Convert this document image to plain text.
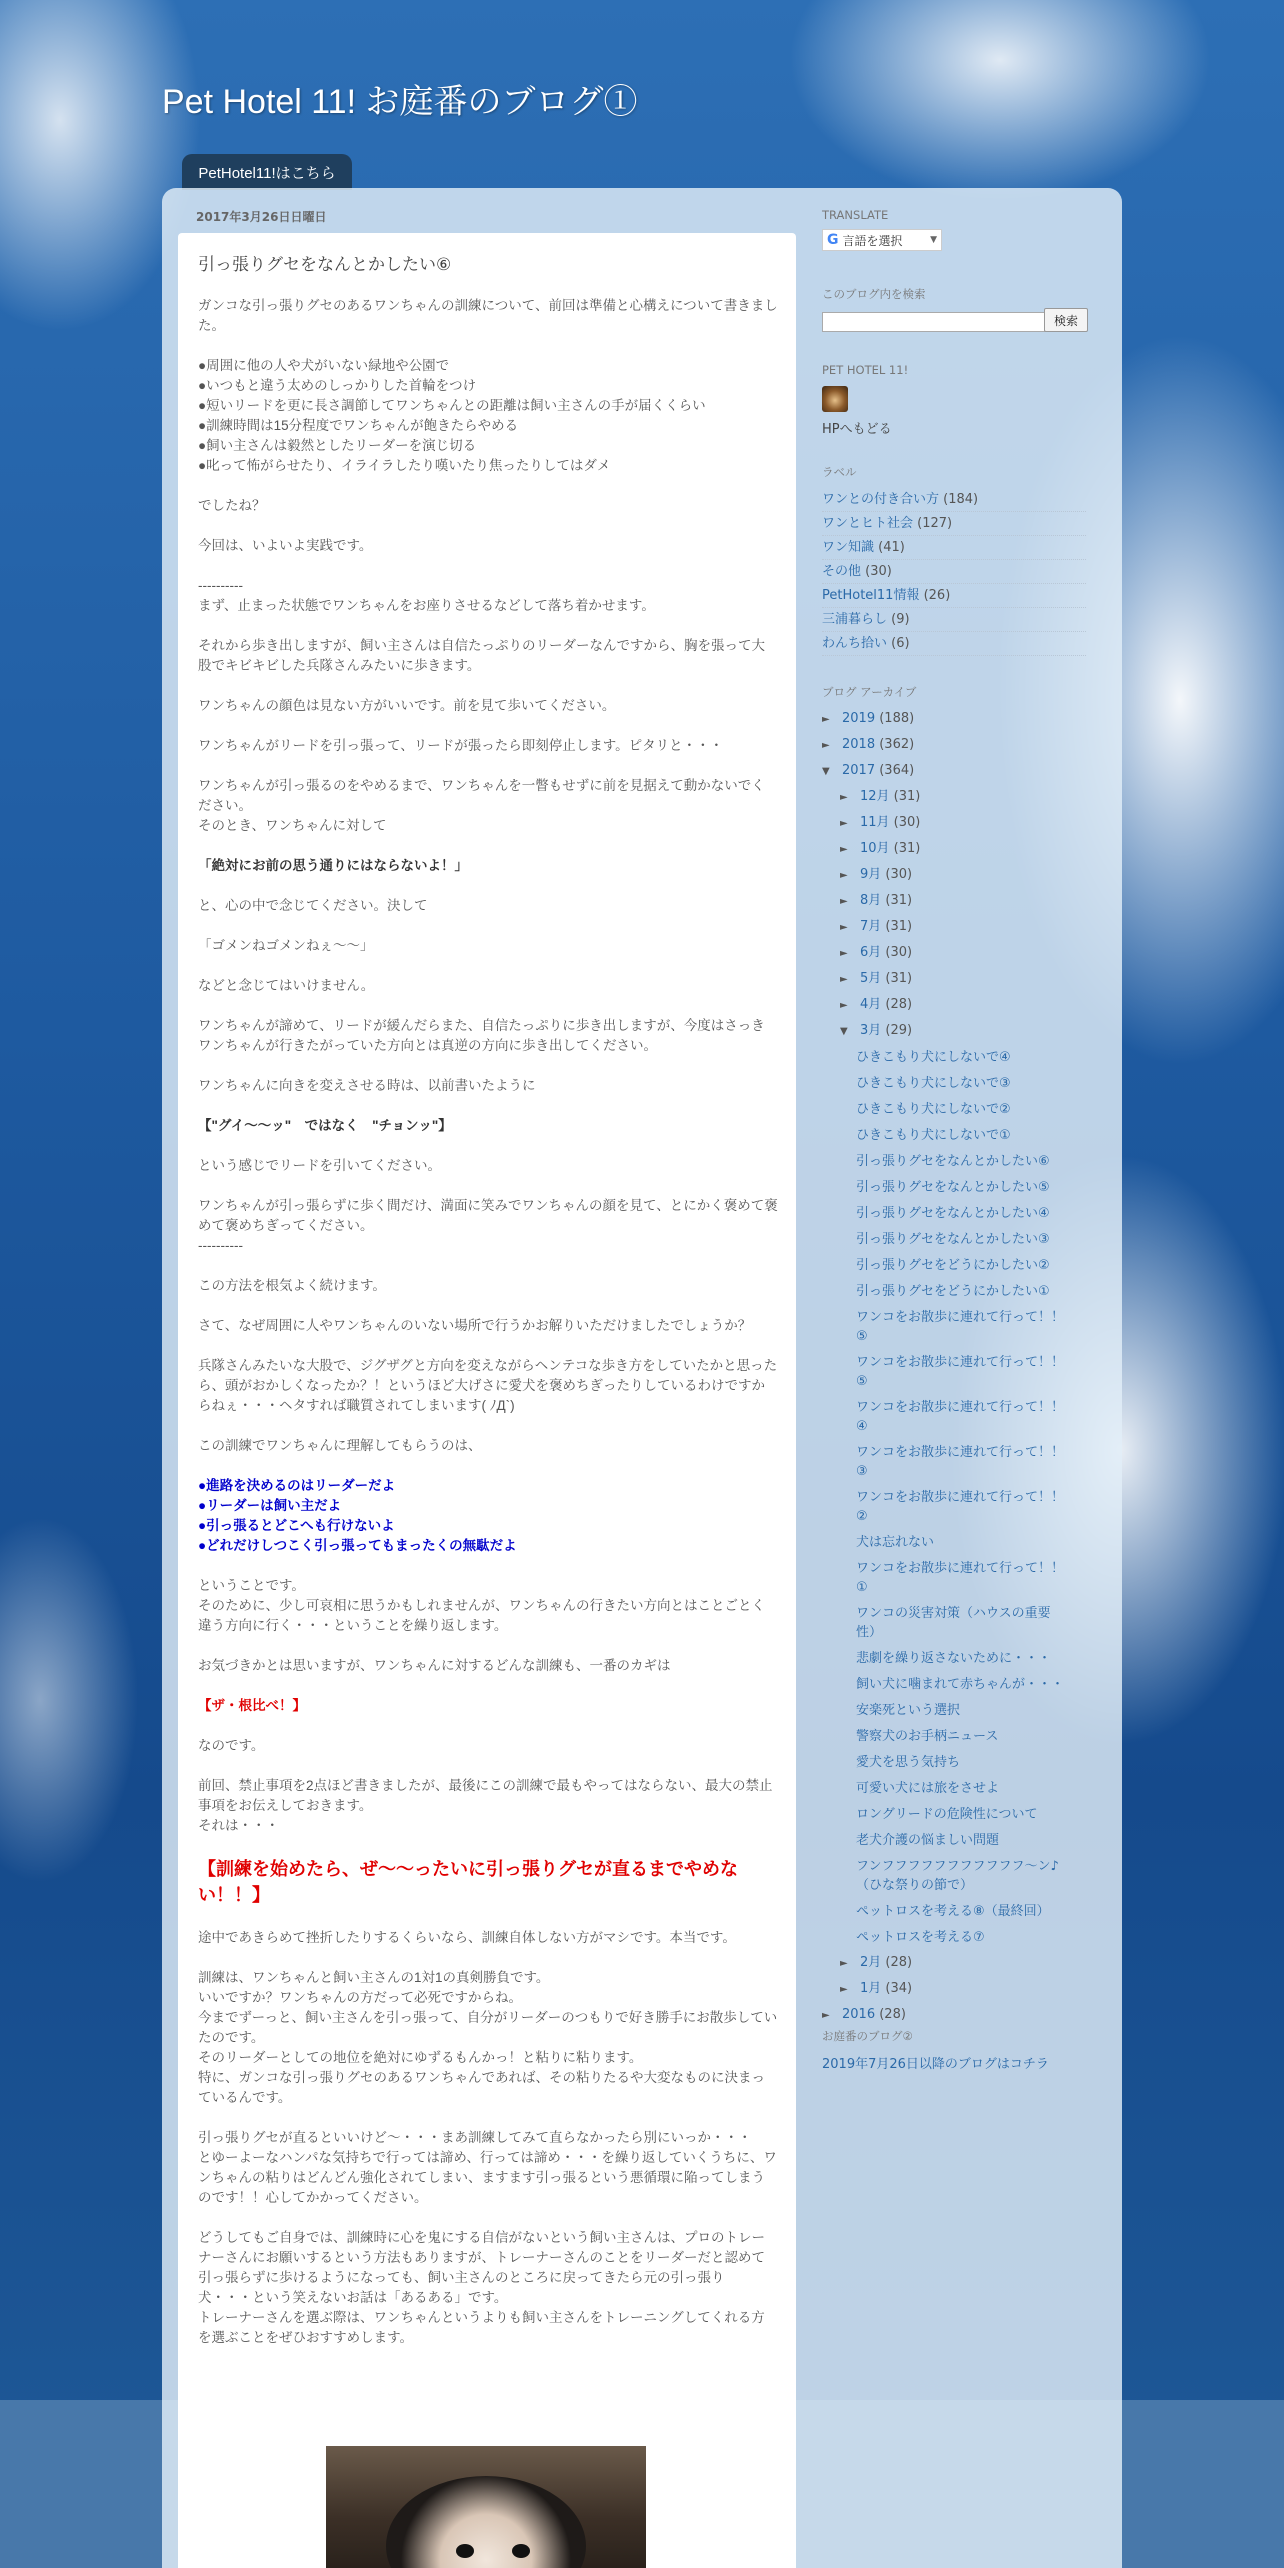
Pet Hotel 11! お庭番のブログ①
PetHotel11!はこちら
2017年3月26日日曜日
引っ張りグセをなんとかしたい⑥

ガンコな引っ張りグセのあるワンちゃんの訓練について、前回は準備と心構えについて書きました。

●周囲に他の人や犬がいない緑地や公園で

●いつもと違う太めのしっかりした首輪をつけ

●短いリードを更に長さ調節してワンちゃんとの距離は飼い主さんの手が届くくらい

●訓練時間は15分程度でワンちゃんが飽きたらやめる

●飼い主さんは毅然としたリーダーを演じ切る

●叱って怖がらせたり、イライラしたり嘆いたり焦ったりしてはダメ

でしたね？

今回は、いよいよ実践です。

----------

まず、止まった状態でワンちゃんをお座りさせるなどして落ち着かせます。

それから歩き出しますが、飼い主さんは自信たっぷりのリーダーなんですから、胸を張って大股でキビキビした兵隊さんみたいに歩きます。

ワンちゃんの顔色は見ない方がいいです。前を見て歩いてください。

ワンちゃんがリードを引っ張って、リードが張ったら即刻停止します。ピタリと・・・

ワンちゃんが引っ張るのをやめるまで、ワンちゃんを一瞥もせずに前を見据えて動かないでください。

そのとき、ワンちゃんに対して

「絶対にお前の思う通りにはならないよ！」

と、心の中で念じてください。決して

「ゴメンねゴメンねぇ～～」

などと念じてはいけません。

ワンちゃんが諦めて、リードが緩んだらまた、自信たっぷりに歩き出しますが、今度はさっきワンちゃんが行きたがっていた方向とは真逆の方向に歩き出してください。

ワンちゃんに向きを変えさせる時は、以前書いたように

【"グイ～～ッ"　ではなく　"チョンッ"】

という感じでリードを引いてください。

ワンちゃんが引っ張らずに歩く間だけ、満面に笑みでワンちゃんの顔を見て、とにかく褒めて褒めて褒めちぎってください。

----------

この方法を根気よく続けます。

さて、なぜ周囲に人やワンちゃんのいない場所で行うかお解りいただけましたでしょうか？

兵隊さんみたいな大股で、ジグザグと方向を変えながらヘンテコな歩き方をしていたかと思ったら、頭がおかしくなったか？！というほど大げさに愛犬を褒めちぎったりしているわけですからねぇ・・・ヘタすれば職質されてしまいます( ﾉД`)

この訓練でワンちゃんに理解してもらうのは、

●進路を決めるのはリーダーだよ

●リーダーは飼い主だよ

●引っ張るとどこへも行けないよ

●どれだけしつこく引っ張ってもまったくの無駄だよ

ということです。

そのために、少し可哀相に思うかもしれませんが、ワンちゃんの行きたい方向とはことごとく違う方向に行く・・・ということを繰り返します。

お気づきかとは思いますが、ワンちゃんに対するどんな訓練も、一番のカギは

【ザ・根比べ！】

なのです。

前回、禁止事項を2点ほど書きましたが、最後にこの訓練で最もやってはならない、最大の禁止事項をお伝えしておきます。

それは・・・

【訓練を始めたら、ぜ～～ったいに引っ張りグセが直るまでやめない！！】

途中であきらめて挫折したりするくらいなら、訓練自体しない方がマシです。本当です。

訓練は、ワンちゃんと飼い主さんの1対1の真剣勝負です。

いいですか？ワンちゃんの方だって必死ですからね。

今までずーっと、飼い主さんを引っ張って、自分がリーダーのつもりで好き勝手にお散歩していたのです。

そのリーダーとしての地位を絶対にゆずるもんかっ！と粘りに粘ります。

特に、ガンコな引っ張りグセのあるワンちゃんであれば、その粘りたるや大変なものに決まっているんです。

引っ張りグセが直るといいけど～・・・まあ訓練してみて直らなかったら別にいっか・・・

とゆーよーなハンパな気持ちで行っては諦め、行っては諦め・・・を繰り返していくうちに、ワンちゃんの粘りはどんどん強化されてしまい、ますます引っ張るという悪循環に陥ってしまうのです！！心してかかってください。

どうしてもご自身では、訓練時に心を鬼にする自信がないという飼い主さんは、プロのトレーナーさんにお願いするという方法もありますが、トレーナーさんのことをリーダーだと認めて引っ張らずに歩けるようになっても、飼い主さんのところに戻ってきたら元の引っ張り犬・・・という笑えないお話は「あるある」です。

トレーナーさんを選ぶ際は、ワンちゃんというよりも飼い主さんをトレーニングしてくれる方を選ぶことをぜひおすすめします。

TRANSLATE
G 言語を選択	▼
このブログ内を検索
検索
PET HOTEL 11!
HPへもどる
ラベル
ワンとの付き合い方 (184)
ワンとヒト社会 (127)
ワン知識 (41)
その他 (30)
PetHotel11情報 (26)
三浦暮らし (9)
わんち拾い (6)
ブログ アーカイブ
► 2019 (188)
► 2018 (362)
▼ 2017 (364)
► 12月 (31)
► 11月 (30)
► 10月 (31)
► 9月 (30)
► 8月 (31)
► 7月 (31)
► 6月 (30)
► 5月 (31)
► 4月 (28)
▼ 3月 (29)
ひきこもり犬にしないで④
ひきこもり犬にしないで③
ひきこもり犬にしないで②
ひきこもり犬にしないで①
引っ張りグセをなんとかしたい⑥
引っ張りグセをなんとかしたい⑤
引っ張りグセをなんとかしたい④
引っ張りグセをなんとかしたい③
引っ張りグセをどうにかしたい②
引っ張りグセをどうにかしたい①
ワンコをお散歩に連れて行って！！⑤
ワンコをお散歩に連れて行って！！⑤
ワンコをお散歩に連れて行って！！④
ワンコをお散歩に連れて行って！！③
ワンコをお散歩に連れて行って！！②
犬は忘れない
ワンコをお散歩に連れて行って！！①
ワンコの災害対策（ハウスの重要性）
悲劇を繰り返さないために・・・
飼い犬に噛まれて赤ちゃんが・・・
安楽死という選択
警察犬のお手柄ニュース
愛犬を思う気持ち
可愛い犬には旅をさせよ
ロングリードの危険性について
老犬介護の悩ましい問題
フンフフフフフフフフフフフ～ン♪（ひな祭りの節で）
ペットロスを考える⑧（最終回）
ペットロスを考える⑦
► 2月 (28)
► 1月 (34)
► 2016 (28)
お庭番のブログ②
2019年7月26日以降のブログはコチラ
